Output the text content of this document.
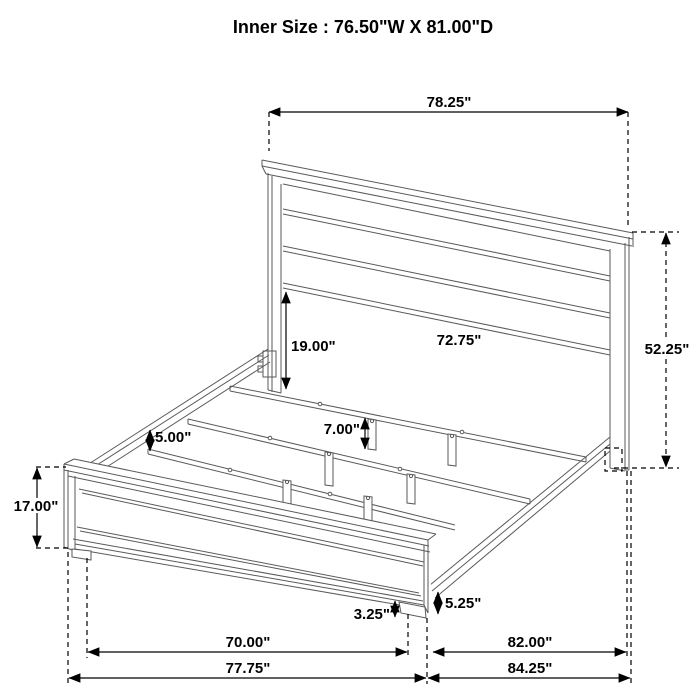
Inner Size : 76.50"W X 81.00"D
78.25"
52.25"
19.00"	72.75"
5.00"	7.00"
17.00"
3.25"
5.25"
70.00"	82.00"
77.75"	84.25"
